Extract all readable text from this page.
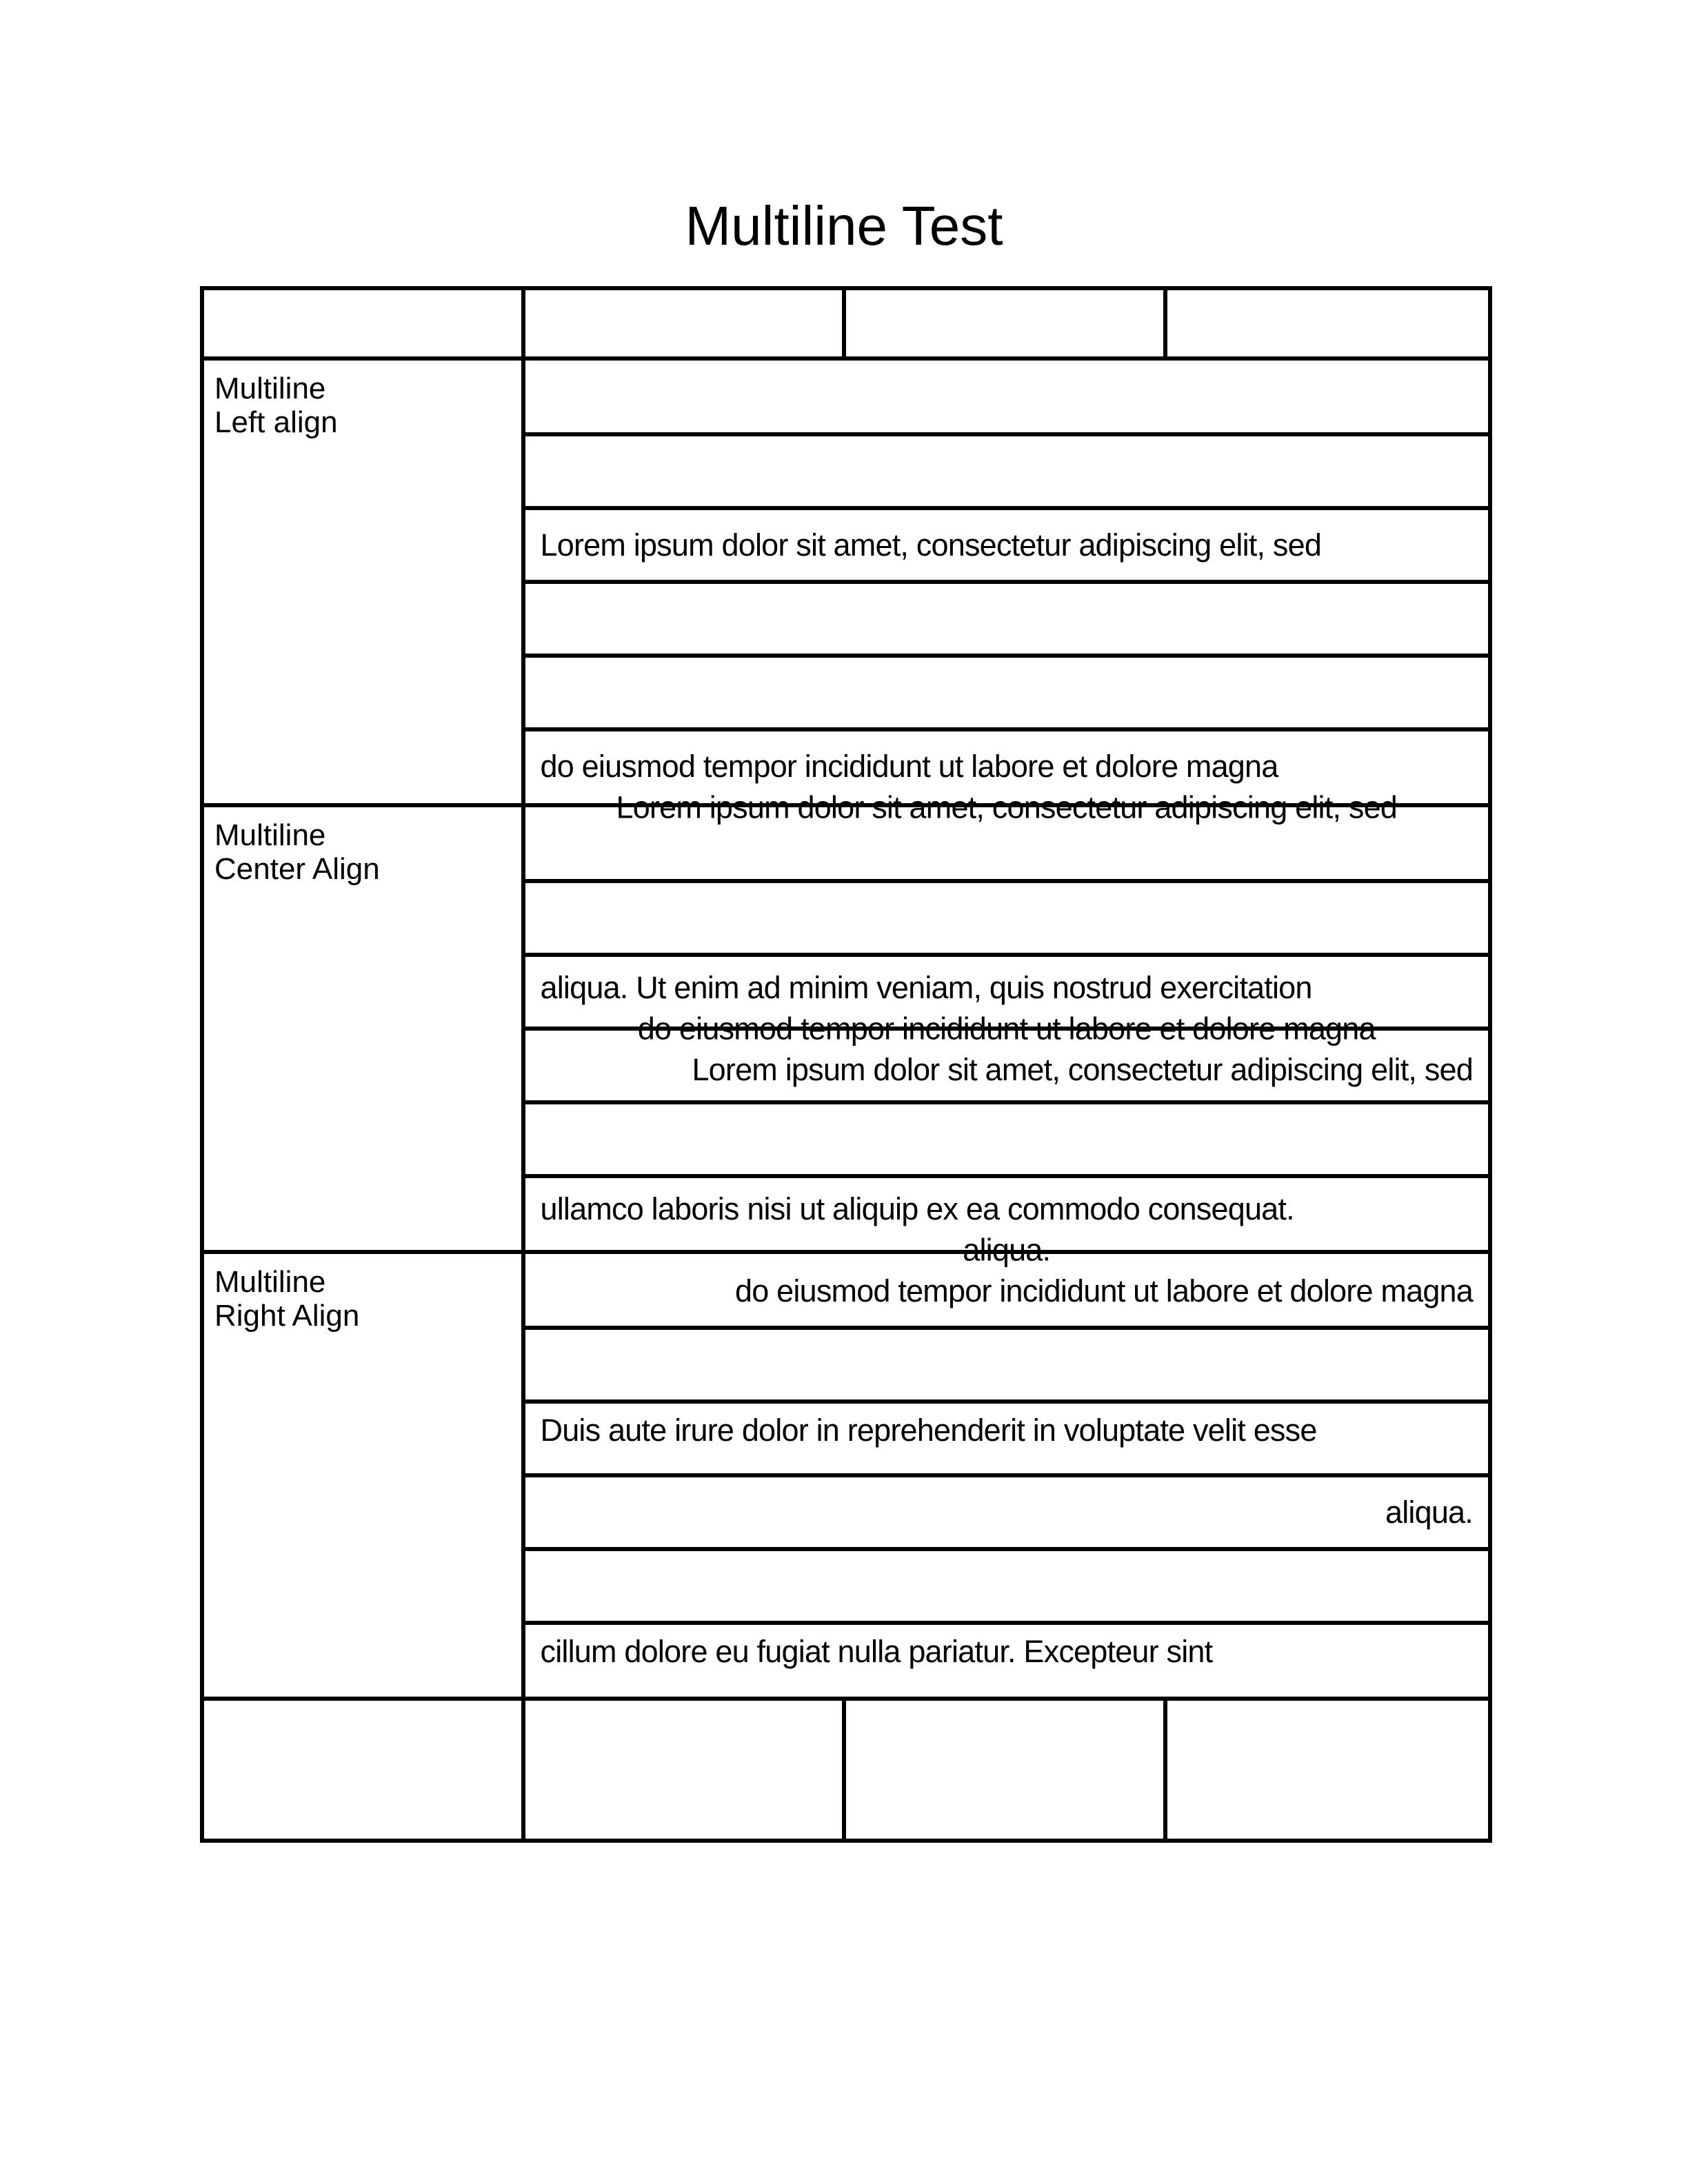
Multiline Test
Multiline
Left align

Lorem ipsum dolor sit amet, consectetur adipiscing elit, sed

do eiusmod tempor incididunt ut labore et dolore magna

aliqua. Ut enim ad minim veniam, quis nostrud exercitation

ullamco laboris nisi ut aliquip ex ea commodo consequat.

Duis aute irure dolor in reprehenderit in voluptate velit esse

cillum dolore eu fugiat nulla pariatur. Excepteur sint

Multiline
Center Align

Lorem ipsum dolor sit amet, consectetur adipiscing elit, sed

do eiusmod tempor incididunt ut labore et dolore magna

aliqua.

Multiline
Right Align

Lorem ipsum dolor sit amet, consectetur adipiscing elit, sed

do eiusmod tempor incididunt ut labore et dolore magna

aliqua.
